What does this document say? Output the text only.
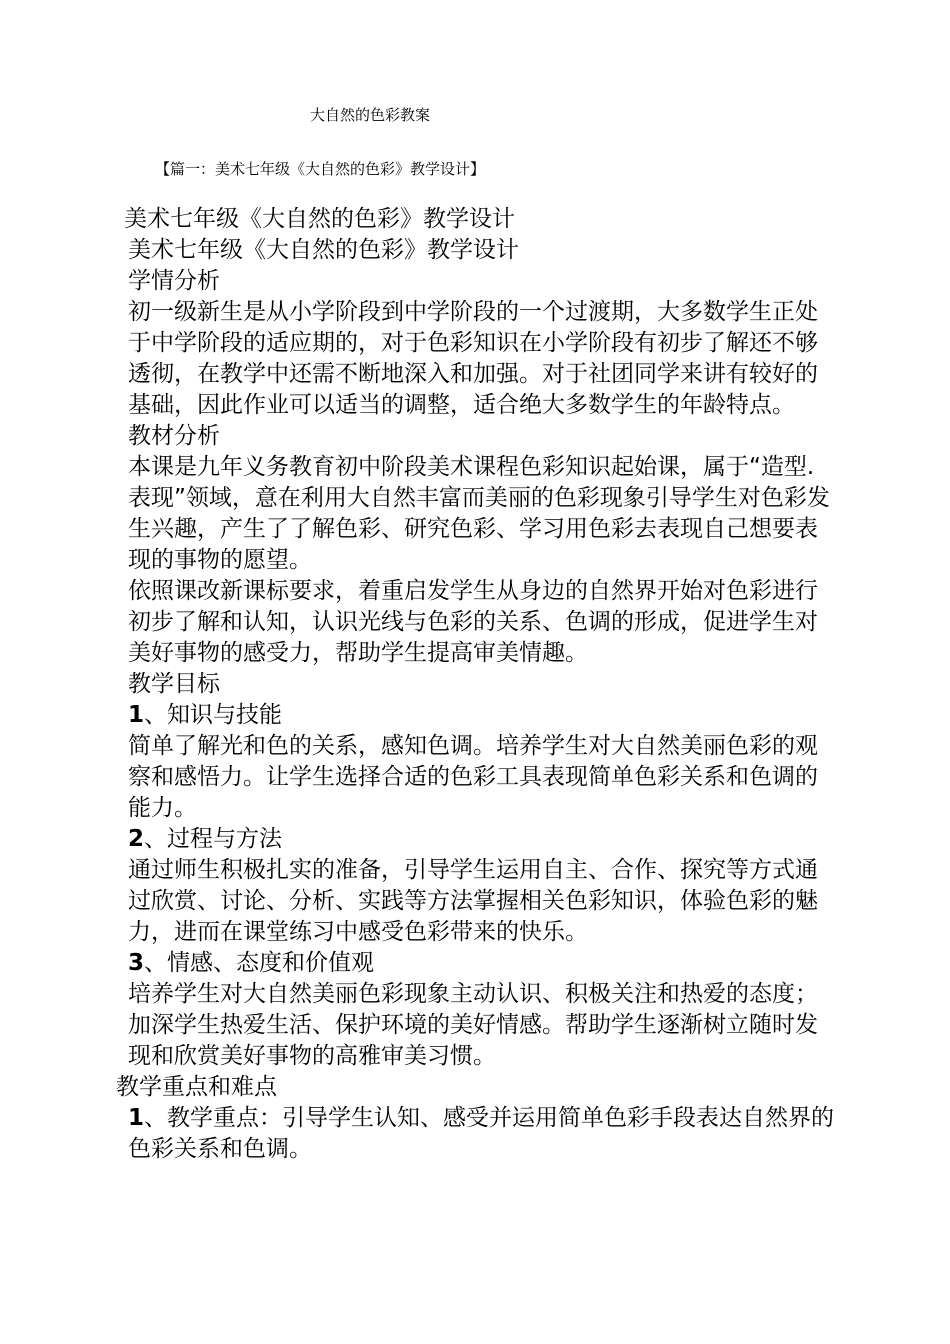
大自然的色彩教案
【篇一：美术七年级《大自然的色彩》教学设计】

美术七年级《大自然的色彩》教学设计

美术七年级《大自然的色彩》教学设计

学情分析

初一级新生是从小学阶段到中学阶段的一个过渡期，大多数学生正处于中学阶段的适应期的，对于色彩知识在小学阶段有初步了解还不够透彻，在教学中还需不断地深入和加强。对于社团同学来讲有较好的基础，因此作业可以适当的调整，适合绝大多数学生的年龄特点。

教材分析

本课是九年义务教育初中阶段美术课程色彩知识起始课，属于“造型.表现”领域，意在利用大自然丰富而美丽的色彩现象引导学生对色彩发生兴趣，产生了了解色彩、研究色彩、学习用色彩去表现自己想要表现的事物的愿望。

依照课改新课标要求，着重启发学生从身边的自然界开始对色彩进行初步了解和认知，认识光线与色彩的关系、色调的形成，促进学生对美好事物的感受力，帮助学生提高审美情趣。

教学目标

1、知识与技能

简单了解光和色的关系，感知色调。培养学生对大自然美丽色彩的观察和感悟力。让学生选择合适的色彩工具表现简单色彩关系和色调的能力。

2、过程与方法

通过师生积极扎实的准备，引导学生运用自主、合作、探究等方式通过欣赏、讨论、分析、实践等方法掌握相关色彩知识，体验色彩的魅力，进而在课堂练习中感受色彩带来的快乐。

3、情感、态度和价值观

培养学生对大自然美丽色彩现象主动认识、积极关注和热爱的态度；加深学生热爱生活、保护环境的美好情感。帮助学生逐渐树立随时发现和欣赏美好事物的高雅审美习惯。

教学重点和难点

1、教学重点：引导学生认知、感受并运用简单色彩手段表达自然界的色彩关系和色调。
